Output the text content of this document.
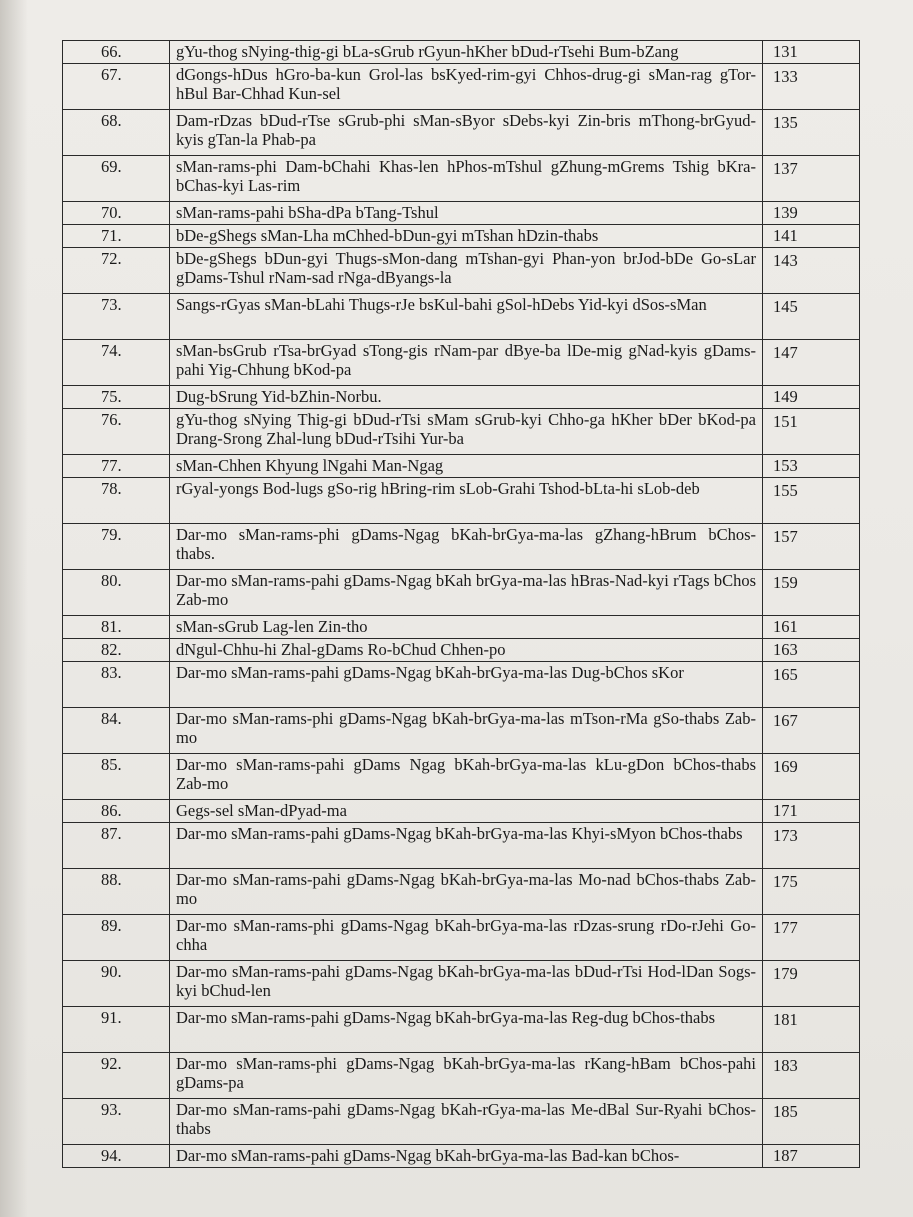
66.	gYu-thog sNying-thig-gi bLa-sGrub rGyun-hKher bDud-rTsehi Bum-bZang	131
67.	dGongs-hDus hGro-ba-kun Grol-las bsKyed-rim-gyi Chhos-drug-gi sMan-rag gTor-hBul Bar-Chhad Kun-sel	133
68.	Dam-rDzas bDud-rTse sGrub-phi sMan-sByor sDebs-kyi Zin-bris mThong-brGyud-kyis gTan-la Phab-pa	135
69.	sMan-rams-phi Dam-bChahi Khas-len hPhos-mTshul gZhung-mGrems Tshig bKra-bChas-kyi Las-rim	137
70.	sMan-rams-pahi bSha-dPa bTang-Tshul	139
71.	bDe-gShegs sMan-Lha mChhed-bDun-gyi mTshan hDzin-thabs	141
72.	bDe-gShegs bDun-gyi Thugs-sMon-dang mTshan-gyi Phan-yon brJod-bDe Go-sLar gDams-Tshul rNam-sad rNga-dByangs-la	143
73.	Sangs-rGyas sMan-bLahi Thugs-rJe bsKul-bahi gSol-hDebs Yid-kyi dSos-sMan	145
74.	sMan-bsGrub rTsa-brGyad sTong-gis rNam-par dBye-ba lDe-mig gNad-kyis gDams-pahi Yig-Chhung bKod-pa	147
75.	Dug-bSrung Yid-bZhin-Norbu.	149
76.	gYu-thog sNying Thig-gi bDud-rTsi sMam sGrub-kyi Chho-ga hKher bDer bKod-pa Drang-Srong Zhal-lung bDud-rTsihi Yur-ba	151
77.	sMan-Chhen Khyung lNgahi Man-Ngag	153
78.	rGyal-yongs Bod-lugs gSo-rig hBring-rim sLob-Grahi Tshod-bLta-hi sLob-deb	155
79.	Dar-mo sMan-rams-phi gDams-Ngag bKah-brGya-ma-las gZhang-hBrum bChos-thabs.	157
80.	Dar-mo sMan-rams-pahi gDams-Ngag bKah brGya-ma-las hBras-Nad-kyi rTags bChos Zab-mo	159
81.	sMan-sGrub Lag-len Zin-tho	161
82.	dNgul-Chhu-hi Zhal-gDams Ro-bChud Chhen-po	163
83.	Dar-mo sMan-rams-pahi gDams-Ngag bKah-brGya-ma-las Dug-bChos sKor	165
84.	Dar-mo sMan-rams-phi gDams-Ngag bKah-brGya-ma-las mTson-rMa gSo-thabs Zab-mo	167
85.	Dar-mo sMan-rams-pahi gDams Ngag bKah-brGya-ma-las kLu-gDon bChos-thabs Zab-mo	169
86.	Gegs-sel sMan-dPyad-ma	171
87.	Dar-mo sMan-rams-pahi gDams-Ngag bKah-brGya-ma-las Khyi-sMyon bChos-thabs	173
88.	Dar-mo sMan-rams-pahi gDams-Ngag bKah-brGya-ma-las Mo-nad bChos-thabs Zab-mo	175
89.	Dar-mo sMan-rams-phi gDams-Ngag bKah-brGya-ma-las rDzas-srung rDo-rJehi Go-chha	177
90.	Dar-mo sMan-rams-pahi gDams-Ngag bKah-brGya-ma-las bDud-rTsi Hod-lDan Sogs-kyi bChud-len	179
91.	Dar-mo sMan-rams-pahi gDams-Ngag bKah-brGya-ma-las Reg-dug bChos-thabs	181
92.	Dar-mo sMan-rams-phi gDams-Ngag bKah-brGya-ma-las rKang-hBam bChos-pahi gDams-pa	183
93.	Dar-mo sMan-rams-pahi gDams-Ngag bKah-rGya-ma-las Me-dBal Sur-Ryahi bChos-thabs	185
94.	Dar-mo sMan-rams-pahi gDams-Ngag bKah-brGya-ma-las Bad-kan bChos-	187
